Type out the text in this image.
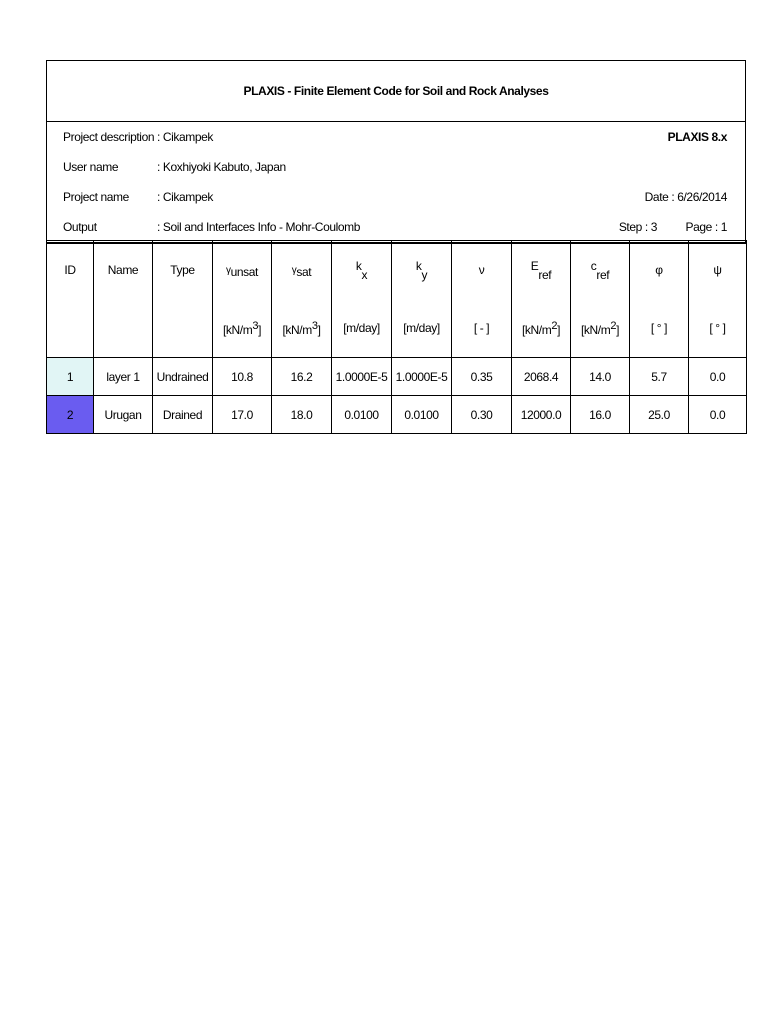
PLAXIS - Finite Element Code for Soil and Rock Analyses
Project description : Cikampek	PLAXIS 8.x
User name	: Koxhiyoki Kabuto, Japan
Project name : Cikampek	Date : 6/26/2014
Output	: Soil and Interfaces Info - Mohr-Coulomb	Step : 3 Page : 1
ID	Name	Type	γunsat	γsat	kx	ky	ν	Eref	cref	φ	ψ
			[kN/m3]	[kN/m3]	[m/day]	[m/day]	[ - ]	[kN/m2]	[kN/m2]	[ ° ]	[ ° ]
1	layer 1	Undrained	10.8	16.2	1.0000E-5	1.0000E-5	0.35	2068.4	14.0	5.7	0.0
2	Urugan	Drained	17.0	18.0	0.0100	0.0100	0.30	12000.0	16.0	25.0	0.0
